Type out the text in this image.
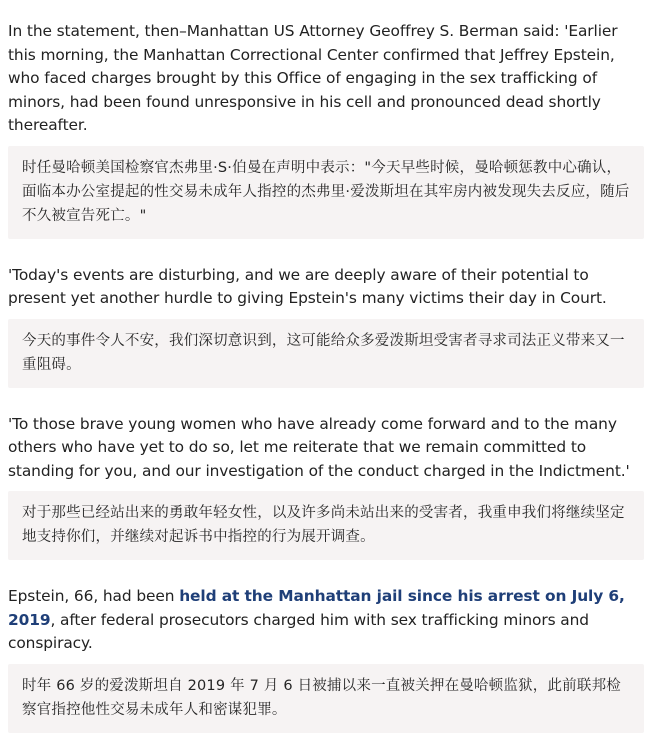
In the statement, then–Manhattan US Attorney Geoffrey S. Berman said: 'Earlier this morning, the Manhattan Correctional Center confirmed that Jeffrey Epstein, who faced charges brought by this Office of engaging in the sex trafficking of minors, had been found unresponsive in his cell and pronounced dead shortly thereafter.

时任曼哈顿美国检察官杰弗里·S·伯曼在声明中表示："今天早些时候，曼哈顿惩教中心确认，面临本办公室提起的性交易未成年人指控的杰弗里·爱泼斯坦在其牢房内被发现失去反应，随后不久被宣告死亡。"

'Today's events are disturbing, and we are deeply aware of their potential to present yet another hurdle to giving Epstein's many victims their day in Court.

今天的事件令人不安，我们深切意识到，这可能给众多爱泼斯坦受害者寻求司法正义带来又一重阻碍。

'To those brave young women who have already come forward and to the many others who have yet to do so, let me reiterate that we remain committed to standing for you, and our investigation of the conduct charged in the Indictment.'

对于那些已经站出来的勇敢年轻女性，以及许多尚未站出来的受害者，我重申我们将继续坚定地支持你们，并继续对起诉书中指控的行为展开调查。

Epstein, 66, had been held at the Manhattan jail since his arrest on July 6, 2019, after federal prosecutors charged him with sex trafficking minors and conspiracy.

时年 66 岁的爱泼斯坦自 2019 年 7 月 6 日被捕以来一直被关押在曼哈顿监狱，此前联邦检察官指控他性交易未成年人和密谋犯罪。
